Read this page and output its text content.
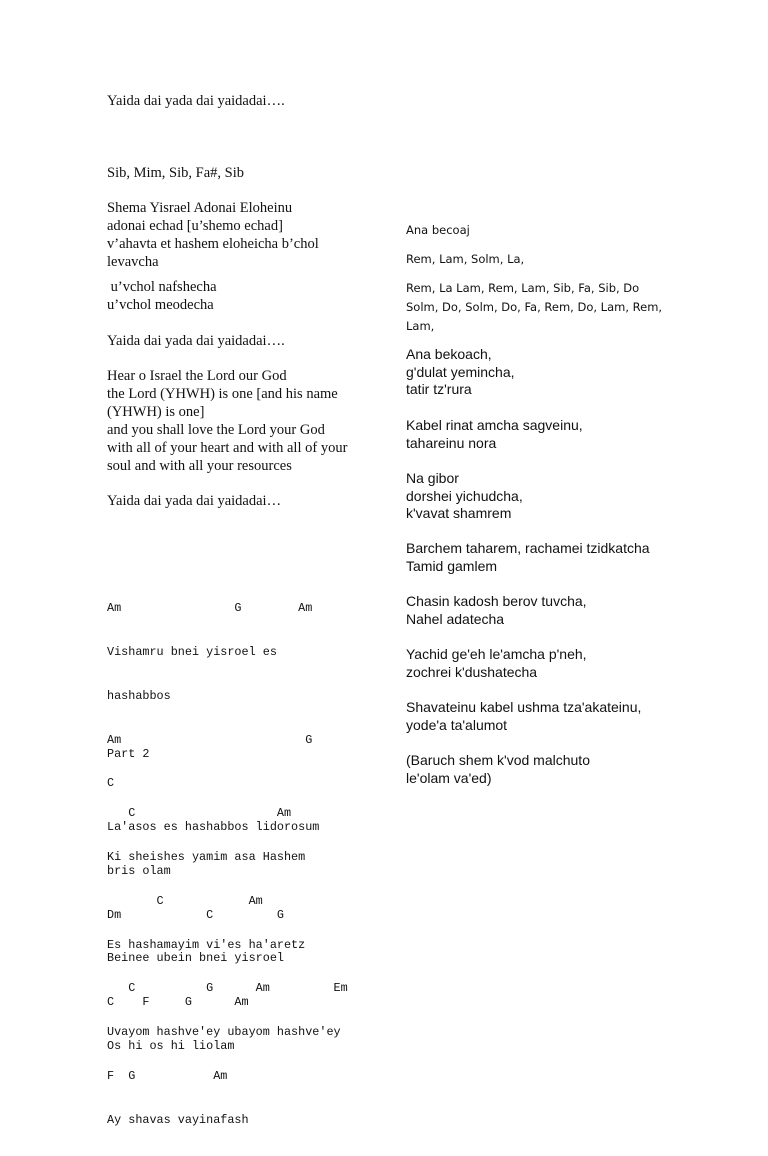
Yaida dai yada dai yaidadai….
Sib, Mim, Sib, Fa#, Sib
Shema Yisrael Adonai Eloheinu
adonai echad [u’shemo echad]
v’ahavta et hashem eloheicha b’chol
levavcha
u’vchol nafshecha
u’vchol meodecha
Yaida dai yada dai yaidadai….
Hear o Israel the Lord our God
the Lord (YHWH) is one [and his name
(YHWH) is one]
and you shall love the Lord your God
with all of your heart and with all of your
soul and with all your resources
Yaida dai yada dai yaidadai…

Am                G        Am

Vishamru bnei yisroel es

hashabbos

Am                          G

C

La'asos es hashabbos lidorosum

bris olam

Dm            C         G

Beinee ubein bnei yisroel

C    F     G      Am

Os hi os hi liolam

Part 2

C                    Am

Ki sheishes yamim asa Hashem

C            Am

Es hashamayim vi'es ha'aretz

C          G      Am         Em

Uvayom hashve'ey ubayom hashve'ey

F  G           Am

Ay shavas vayinafash

Ana becoaj
Rem, Lam, Solm, La,
Rem, La Lam, Rem, Lam, Sib, Fa, Sib, Do
Solm, Do, Solm, Do, Fa, Rem, Do, Lam, Rem,
Lam,
Ana bekoach,
g'dulat yemincha,
tatir tz'rura
Kabel rinat amcha sagveinu,
tahareinu nora
Na gibor
dorshei yichudcha,
k'vavat shamrem
Barchem taharem, rachamei tzidkatcha
Tamid gamlem
Chasin kadosh berov tuvcha,
Nahel adatecha
Yachid ge'eh le'amcha p'neh,
zochrei k'dushatecha
Shavateinu kabel ushma tza'akateinu,
yode'a ta'alumot
(Baruch shem k'vod malchuto
le'olam va'ed)
